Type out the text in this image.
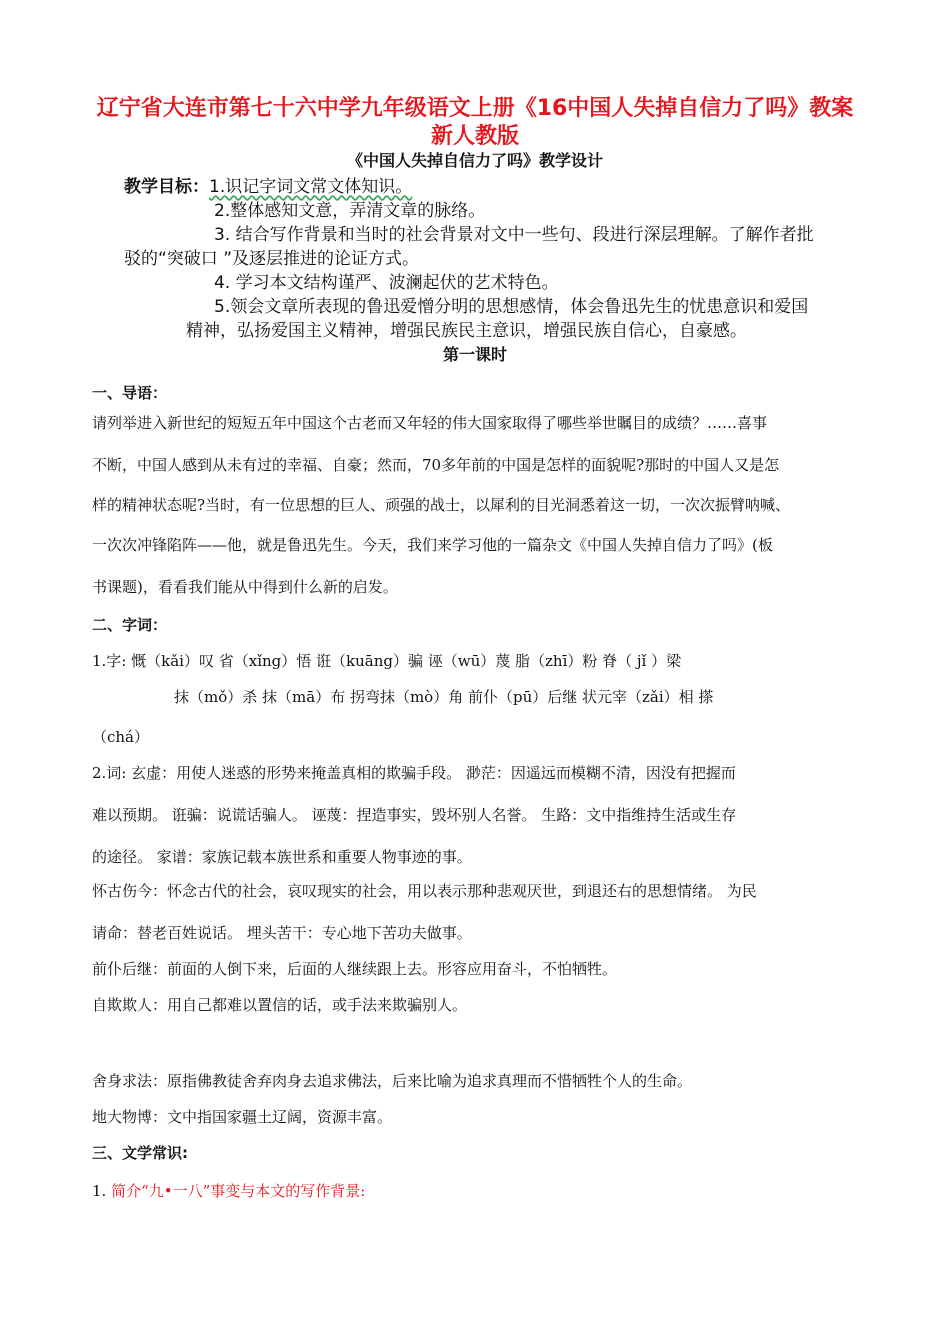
辽宁省大连市第七十六中学九年级语文上册《16中国人失掉自信力了吗》教案
新人教版
《中国人失掉自信力了吗》教学设计
教学目标：1.识记字词文常文体知识。
2.整体感知文意，弄清文章的脉络。
3. 结合写作背景和当时的社会背景对文中一些句、段进行深层理解。了解作者批
驳的“突破口 ”及逐层推进的论证方式。
4. 学习本文结构谨严、波澜起伏的艺术特色。
5.领会文章所表现的鲁迅爱憎分明的思想感情，体会鲁迅先生的忧患意识和爱国
精神，弘扬爱国主义精神，增强民族民主意识，增强民族自信心，自豪感。
第一课时
一、导语：
请列举进入新世纪的短短五年中国这个古老而又年轻的伟大国家取得了哪些举世瞩目的成绩？……喜事
不断，中国人感到从未有过的幸福、自豪；然而，70多年前的中国是怎样的面貌呢?那时的中国人又是怎
样的精神状态呢?当时，有一位思想的巨人、顽强的战士，以犀利的目光洞悉着这一切，一次次振臂呐喊、
一次次冲锋陷阵——他，就是鲁迅先生。今天，我们来学习他的一篇杂文《中国人失掉自信力了吗》(板
书课题)，看看我们能从中得到什么新的启发。
二、字词：
1.字: 慨（kǎi）叹 省（xǐng）悟 诳（kuāng）骗 诬（wū）蔑 脂（zhī）粉 脊（ jǐ ）梁
抹（mǒ）杀 抹（mā）布 拐弯抹（mò）角 前仆（pū）后继 状元宰（zǎi）相 搽
（chá）
2.词: 玄虚：用使人迷惑的形势来掩盖真相的欺骗手段。 渺茫：因遥远而模糊不清，因没有把握而
难以预期。 诳骗：说谎话骗人。 诬蔑：捏造事实，毁坏别人名誉。 生路：文中指维持生活或生存
的途径。 家谱：家族记载本族世系和重要人物事迹的事。
怀古伤今：怀念古代的社会，哀叹现实的社会，用以表示那种悲观厌世，到退还右的思想情绪。 为民
请命：替老百姓说话。 埋头苦干：专心地下苦功夫做事。
前仆后继：前面的人倒下来，后面的人继续跟上去。形容应用奋斗，不怕牺牲。
自欺欺人：用自己都难以置信的话，或手法来欺骗别人。
舍身求法：原指佛教徒舍弃肉身去追求佛法，后来比喻为追求真理而不惜牺牲个人的生命。
地大物博：文中指国家疆土辽阔，资源丰富。
三、文学常识:
1. 简介“九•一八”事变与本文的写作背景:
